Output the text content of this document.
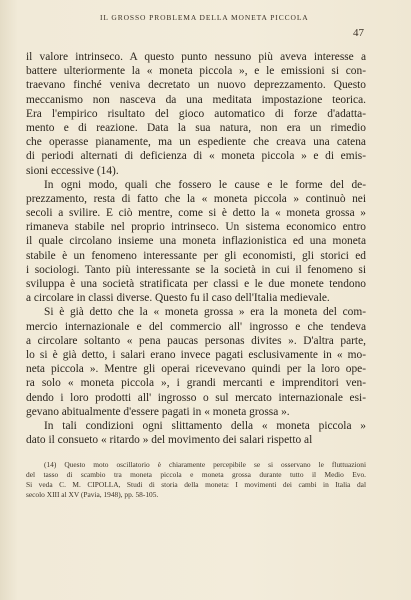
IL GROSSO PROBLEMA DELLA MONETA PICCOLA
47
il valore intrinseco. A questo punto nessuno più aveva interesse a
battere ulteriormente la « moneta piccola », e le emissioni si con-
traevano finché veniva decretato un nuovo deprezzamento. Questo
meccanismo non nasceva da una meditata impostazione teorica.
Era l'empirico risultato del gioco automatico di forze d'adatta-
mento e di reazione. Data la sua natura, non era un rimedio
che operasse pianamente, ma un espediente che creava una catena
di periodi alternati di deficienza di « moneta piccola » e di emis-
sioni eccessive (14).
In ogni modo, quali che fossero le cause e le forme del de-
prezzamento, resta di fatto che la « moneta piccola » continuò nei
secoli a svilire. E ciò mentre, come si è detto la « moneta grossa »
rimaneva stabile nel proprio intrinseco. Un sistema economico entro
il quale circolano insieme una moneta inflazionistica ed una moneta
stabile è un fenomeno interessante per gli economisti, gli storici ed
i sociologi. Tanto più interessante se la società in cui il fenomeno si
sviluppa è una società stratificata per classi e le due monete tendono
a circolare in classi diverse. Questo fu il caso dell'Italia medievale.
Si è già detto che la « moneta grossa » era la moneta del com-
mercio internazionale e del commercio all' ingrosso e che tendeva
a circolare soltanto « pena paucas personas divites ». D'altra parte,
lo si è già detto, i salari erano invece pagati esclusivamente in « mo-
neta piccola ». Mentre gli operai ricevevano quindi per la loro ope-
ra solo « moneta piccola », i grandi mercanti e imprenditori ven-
dendo i loro prodotti all' ingrosso o sul mercato internazionale esi-
gevano abitualmente d'essere pagati in « moneta grossa ».
In tali condizioni ogni slittamento della « moneta piccola »
dato il consueto « ritardo » del movimento dei salari rispetto al
(14) Questo moto oscillatorio è chiaramente percepibile se si osservano le fluttuazioni
del tasso di scambio tra moneta piccola e moneta grossa durante tutto il Medio Evo.
Si veda C. M. CIPOLLA, Studi di storia della moneta: I movimenti dei cambi in Italia dal
secolo XIII al XV (Pavia, 1948), pp. 58-105.
